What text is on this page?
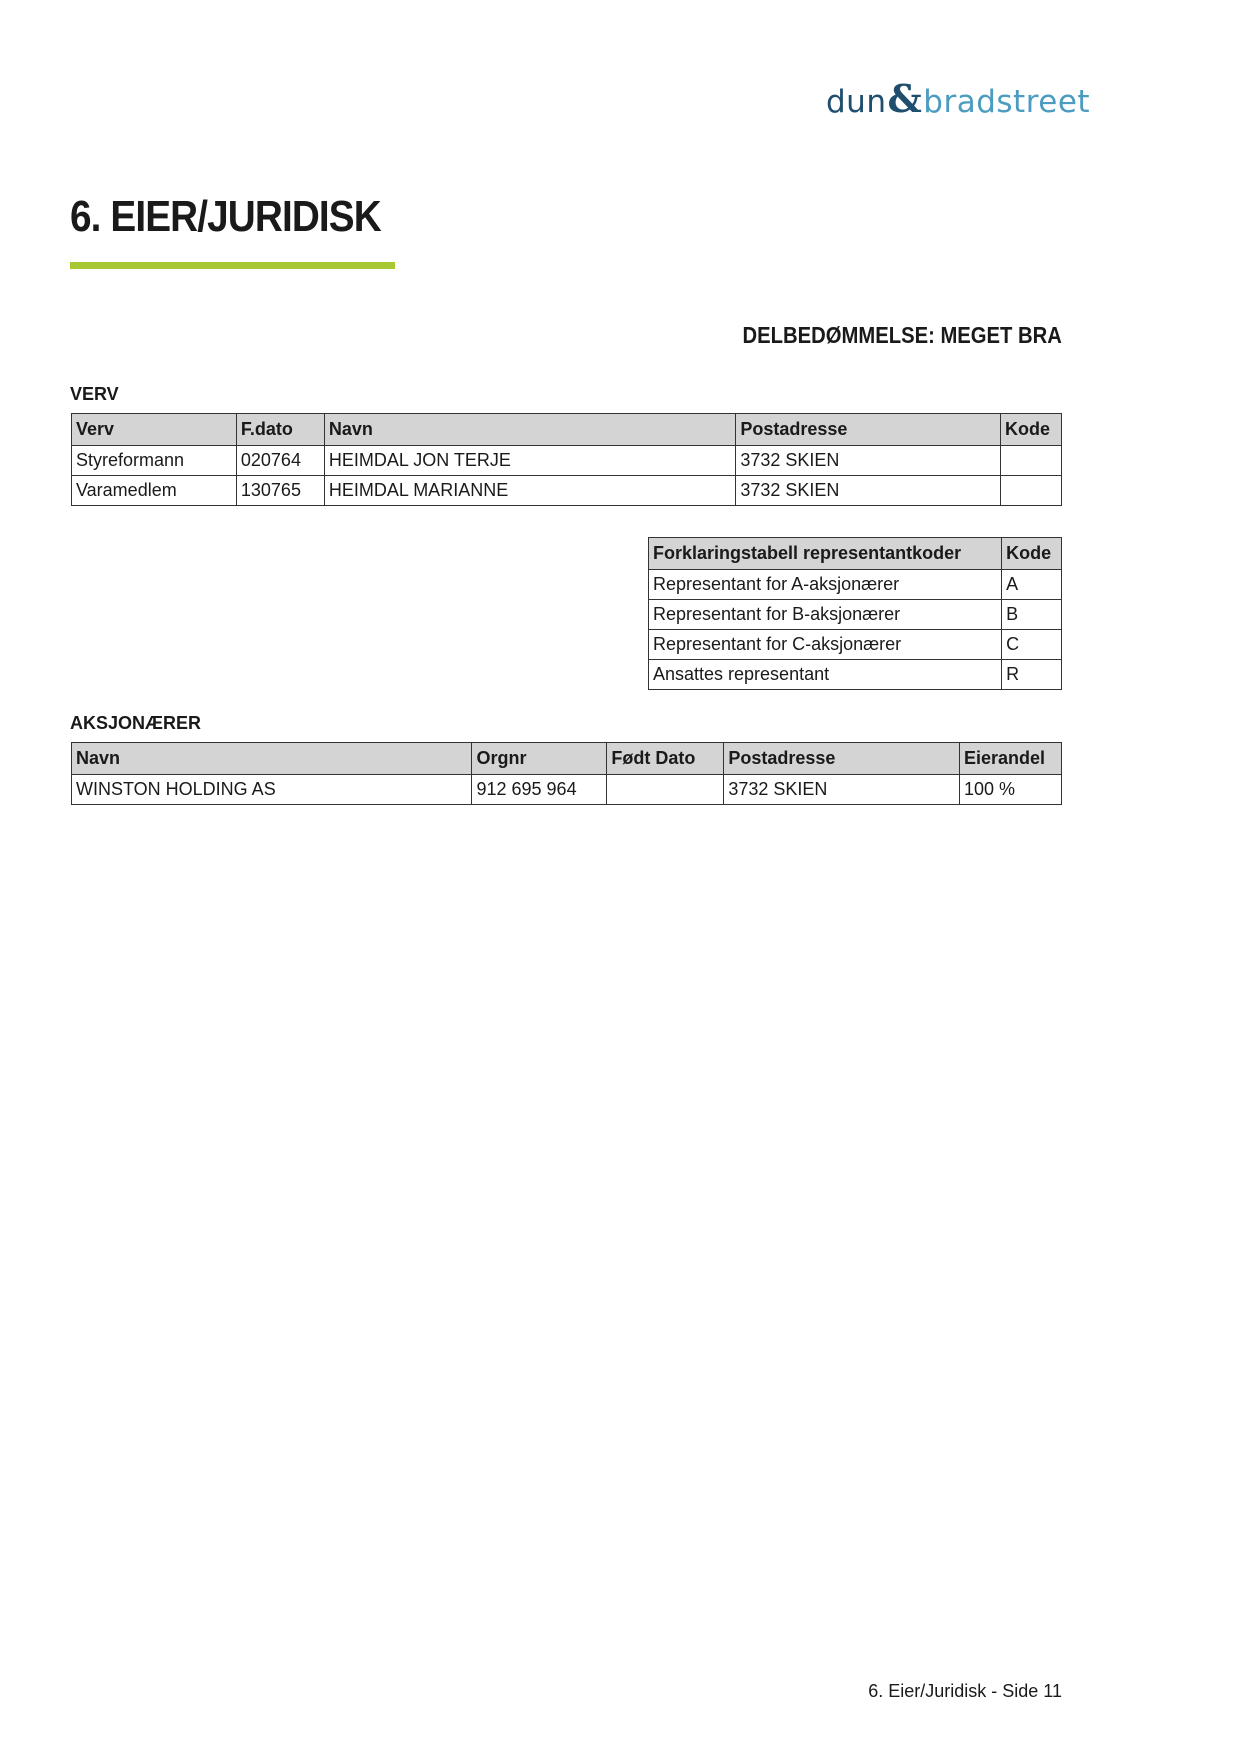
dun & bradstreet
6. EIER/JURIDISK
DELBEDØMMELSE: MEGET BRA
VERV
Verv	F.dato	Navn	Postadresse	Kode
Styreformann	020764	HEIMDAL JON TERJE	3732 SKIEN	
Varamedlem	130765	HEIMDAL MARIANNE	3732 SKIEN	
Forklaringstabell representantkoder	Kode
Representant for A-aksjonærer	A
Representant for B-aksjonærer	B
Representant for C-aksjonærer	C
Ansattes representant	R
AKSJONÆRER
Navn	Orgnr	Født Dato	Postadresse	Eierandel
WINSTON HOLDING AS	912 695 964		3732 SKIEN	100 %
6. Eier/Juridisk - Side 11
